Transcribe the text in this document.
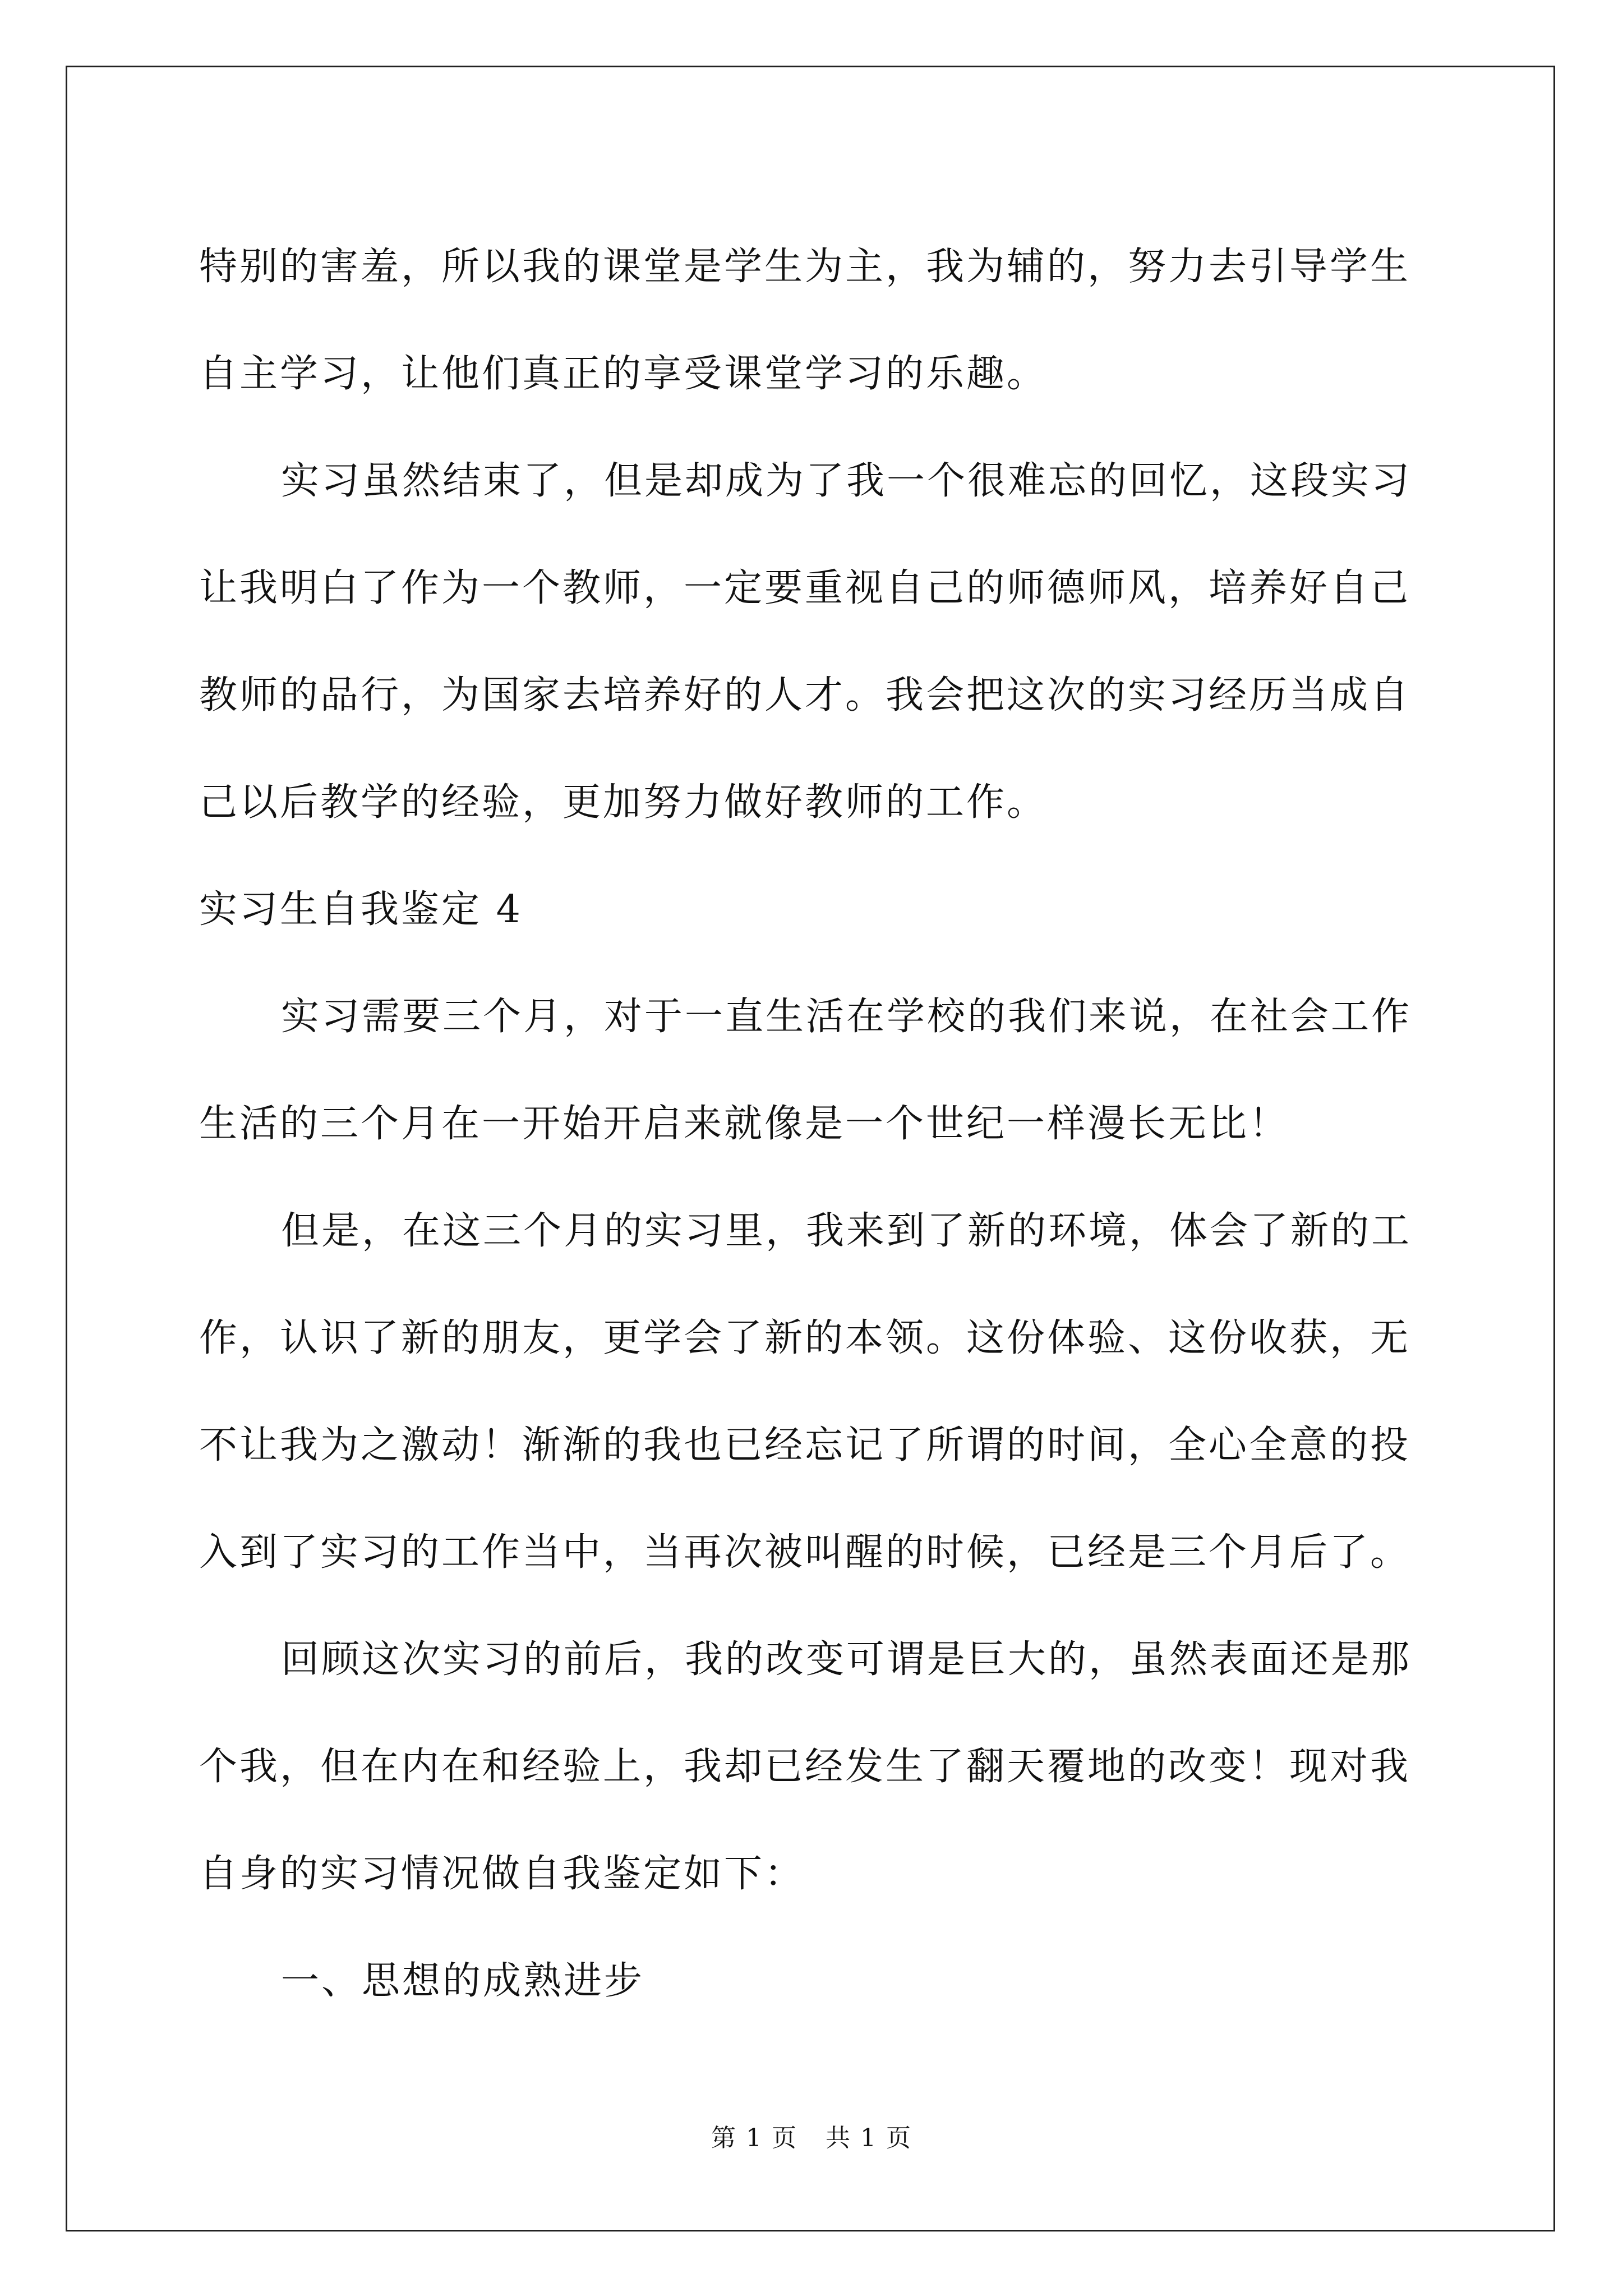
特别的害羞，所以我的课堂是学生为主，我为辅的，努力去引导学生
自主学习，让他们真正的享受课堂学习的乐趣。
实习虽然结束了，但是却成为了我一个很难忘的回忆，这段实习
让我明白了作为一个教师，一定要重视自己的师德师风，培养好自己
教师的品行，为国家去培养好的人才。我会把这次的实习经历当成自
己以后教学的经验，更加努力做好教师的工作。
实习生自我鉴定 4
实习需要三个月，对于一直生活在学校的我们来说，在社会工作
生活的三个月在一开始开启来就像是一个世纪一样漫长无比！
但是，在这三个月的实习里，我来到了新的环境，体会了新的工
作，认识了新的朋友，更学会了新的本领。这份体验、这份收获，无
不让我为之激动！渐渐的我也已经忘记了所谓的时间，全心全意的投
入到了实习的工作当中，当再次被叫醒的时候，已经是三个月后了。
回顾这次实习的前后，我的改变可谓是巨大的，虽然表面还是那
个我，但在内在和经验上，我却已经发生了翻天覆地的改变！现对我
自身的实习情况做自我鉴定如下：
一、思想的成熟进步
第 1 页 共 1 页
